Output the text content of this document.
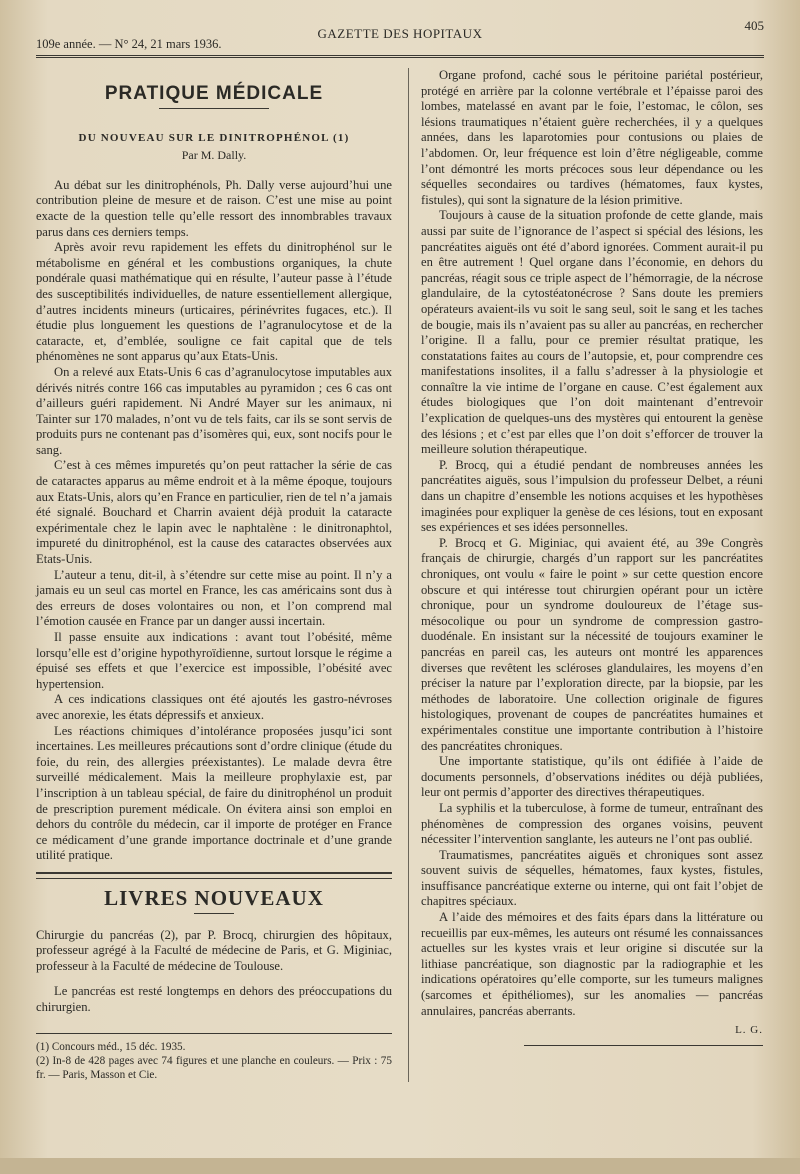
109e année. — N° 24, 21 mars 1936.
GAZETTE DES HOPITAUX
405
PRATIQUE MÉDICALE
DU NOUVEAU SUR LE DINITROPHÉNOL (1)
Par M. Dally.

Au débat sur les dinitrophénols, Ph. Dally verse aujourd’hui une contribution pleine de mesure et de raison. C’est une mise au point exacte de la question telle qu’elle ressort des innombrables travaux parus dans ces derniers temps.

Après avoir revu rapidement les effets du dinitrophénol sur le métabolisme en général et les combustions organiques, la chute pondérale quasi mathématique qui en résulte, l’auteur passe à l’étude des susceptibilités individuelles, de nature essentiellement allergique, d’autres incidents mineurs (urticaires, périnévrites fugaces, etc.). Il étudie plus longuement les questions de l’agranulocytose et de la cataracte, et, d’emblée, souligne ce fait capital que de tels phénomènes ne sont apparus qu’aux Etats-Unis.

On a relevé aux Etats-Unis 6 cas d’agranulocytose imputables aux dérivés nitrés contre 166 cas imputables au pyramidon ; ces 6 cas ont d’ailleurs guéri rapidement. Ni André Mayer sur les animaux, ni Tainter sur 170 malades, n’ont vu de tels faits, car ils se sont servis de produits purs ne contenant pas d’isomères qui, eux, sont nocifs pour le sang.

C’est à ces mêmes impuretés qu’on peut rattacher la série de cas de cataractes apparus au même endroit et à la même époque, toujours aux Etats-Unis, alors qu’en France en particulier, rien de tel n’a jamais été signalé. Bouchard et Charrin avaient déjà produit la cataracte expérimentale chez le lapin avec le naphtalène : le dinitronaphtol, impureté du dinitrophénol, est la cause des cataractes observées aux Etats-Unis.

L’auteur a tenu, dit-il, à s’étendre sur cette mise au point. Il n’y a jamais eu un seul cas mortel en France, les cas américains sont dus à des erreurs de doses volontaires ou non, et l’on comprend mal l’émotion causée en France par un danger aussi incertain.

Il passe ensuite aux indications : avant tout l’obésité, même lorsqu’elle est d’origine hypothyroïdienne, surtout lorsque le régime a épuisé ses effets et que l’exercice est impossible, l’obésité avec hypertension.

A ces indications classiques ont été ajoutés les gastro-névroses avec anorexie, les états dépressifs et anxieux.

Les réactions chimiques d’intolérance proposées jusqu’ici sont incertaines. Les meilleures précautions sont d’ordre clinique (étude du foie, du rein, des allergies préexistantes). Le malade devra être surveillé médicalement. Mais la meilleure prophylaxie est, par l’inscription à un tableau spécial, de faire du dinitrophénol un produit de prescription purement médicale. On évitera ainsi son emploi en dehors du contrôle du médecin, car il importe de protéger en France ce médicament d’une grande importance doctrinale et d’une grande utilité pratique.

LIVRES NOUVEAUX

Chirurgie du pancréas (2), par P. Brocq, chirurgien des hôpitaux, professeur agrégé à la Faculté de médecine de Paris, et G. Miginiac, professeur à la Faculté de médecine de Toulouse.

Le pancréas est resté longtemps en dehors des préoccupations du chirurgien.

(1) Concours méd., 15 déc. 1935.
(2) In-8 de 428 pages avec 74 figures et une planche en couleurs. — Prix : 75 fr. — Paris, Masson et Cie.

Organe profond, caché sous le péritoine pariétal postérieur, protégé en arrière par la colonne vertébrale et l’épaisse paroi des lombes, matelassé en avant par le foie, l’estomac, le côlon, ses lésions traumatiques n’étaient guère recherchées, il y a quelques années, dans les laparotomies pour contusions ou plaies de l’abdomen. Or, leur fréquence est loin d’être négligeable, comme l’ont démontré les morts précoces sous leur dépendance ou les séquelles secondaires ou tardives (hématomes, faux kystes, fistules), qui sont la signature de la lésion primitive.

Toujours à cause de la situation profonde de cette glande, mais aussi par suite de l’ignorance de l’aspect si spécial des lésions, les pancréatites aiguës ont été d’abord ignorées. Comment aurait-il pu en être autrement ! Quel organe dans l’économie, en dehors du pancréas, réagit sous ce triple aspect de l’hémorragie, de la nécrose glandulaire, de la cytostéatonécrose ? Sans doute les premiers opérateurs avaient-ils vu soit le sang seul, soit le sang et les taches de bougie, mais ils n’avaient pas su aller au pancréas, en rechercher l’origine. Il a fallu, pour ce premier résultat pratique, les constatations faites au cours de l’autopsie, et, pour comprendre ces manifestations insolites, il a fallu s’adresser à la physiologie et connaître la vie intime de l’organe en cause. C’est également aux études biologiques que l’on doit maintenant d’entrevoir l’explication de quelques-uns des mystères qui entourent la genèse des lésions ; et c’est par elles que l’on doit s’efforcer de trouver la meilleure solution thérapeutique.

P. Brocq, qui a étudié pendant de nombreuses années les pancréatites aiguës, sous l’impulsion du professeur Delbet, a réuni dans un chapitre d’ensemble les notions acquises et les hypothèses imaginées pour expliquer la genèse de ces lésions, tout en exposant ses expériences et ses idées personnelles.

P. Brocq et G. Miginiac, qui avaient été, au 39e Congrès français de chirurgie, chargés d’un rapport sur les pancréatites chroniques, ont voulu « faire le point » sur cette question encore obscure et qui intéresse tout chirurgien opérant pour un ictère chronique, pour un syndrome douloureux de l’étage sus-mésocolique ou pour un syndrome de compression gastro-duodénale. En insistant sur la nécessité de toujours examiner le pancréas en pareil cas, les auteurs ont montré les apparences diverses que revêtent les scléroses glandulaires, les moyens d’en préciser la nature par l’exploration directe, par la biopsie, par les méthodes de laboratoire. Une collection originale de figures histologiques, provenant de coupes de pancréatites humaines et expérimentales constitue une importante contribution à l’histoire des pancréatites chroniques.

Une importante statistique, qu’ils ont édifiée à l’aide de documents personnels, d’observations inédites ou déjà publiées, leur ont permis d’apporter des directives thérapeutiques.

La syphilis et la tuberculose, à forme de tumeur, entraînant des phénomènes de compression des organes voisins, peuvent nécessiter l’intervention sanglante, les auteurs ne l’ont pas oublié.

Traumatismes, pancréatites aiguës et chroniques sont assez souvent suivis de séquelles, hématomes, faux kystes, fistules, insuffisance pancréatique externe ou interne, qui ont fait l’objet de chapitres spéciaux.

A l’aide des mémoires et des faits épars dans la littérature ou recueillis par eux-mêmes, les auteurs ont résumé les connaissances actuelles sur les kystes vrais et leur origine si discutée sur la lithiase pancréatique, son diagnostic par la radiographie et les indications opératoires qu’elle comporte, sur les tumeurs malignes (sarcomes et épithéliomes), sur les anomalies — pancréas annulaires, pancréas aberrants.

L. G.
